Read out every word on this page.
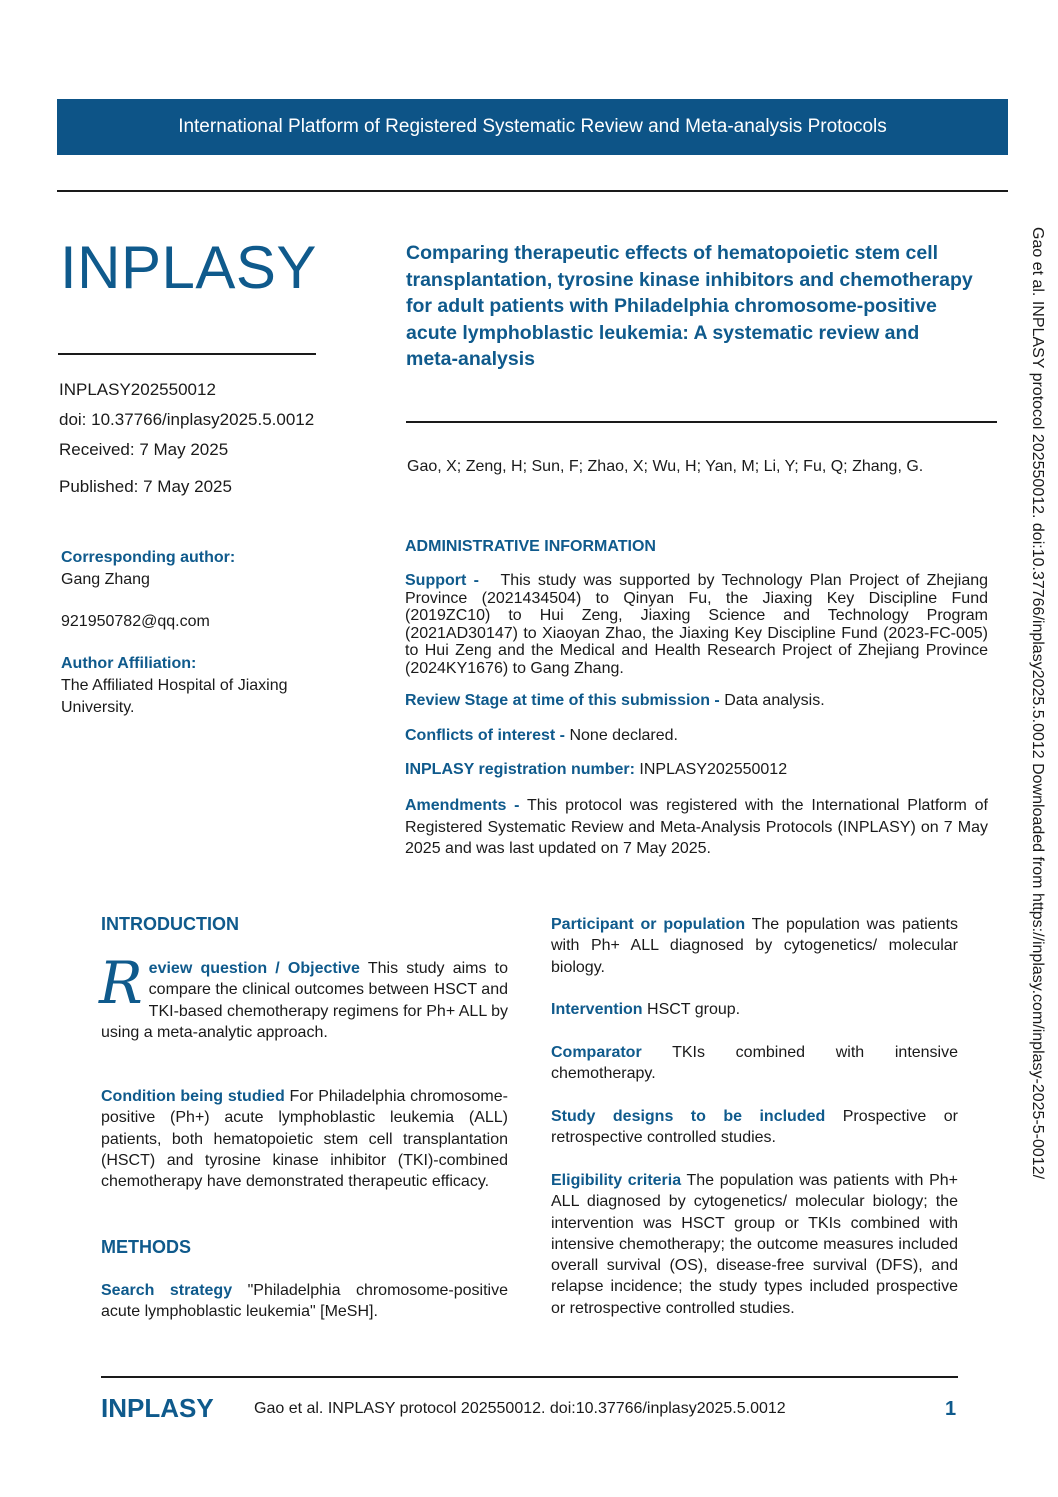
International Platform of Registered Systematic Review and Meta-analysis Protocols
INPLASY
INPLASY202550012
doi: 10.37766/inplasy2025.5.0012
Received: 7 May 2025
Published: 7 May 2025
Corresponding author:
Gang Zhang
921950782@qq.com
Author Affiliation:
The Affiliated Hospital of Jiaxing University.
Comparing therapeutic effects of hematopoietic stem cell transplantation, tyrosine kinase inhibitors and chemotherapy for adult patients with Philadelphia chromosome-positive acute lymphoblastic leukemia: A systematic review and meta-analysis
Gao, X; Zeng, H; Sun, F; Zhao, X; Wu, H; Yan, M; Li, Y; Fu, Q; Zhang, G.
ADMINISTRATIVE INFORMATION

Support - This study was supported by Technology Plan Project of Zhejiang Province (2021434504) to Qinyan Fu, the Jiaxing Key Discipline Fund (2019ZC10) to Hui Zeng, Jiaxing Science and Technology Program (2021AD30147) to Xiaoyan Zhao, the Jiaxing Key Discipline Fund (2023-FC-005) to Hui Zeng and the Medical and Health Research Project of Zhejiang Province (2024KY1676) to Gang Zhang.

Review Stage at time of this submission - Data analysis.

Conflicts of interest - None declared.

INPLASY registration number: INPLASY202550012

Amendments - This protocol was registered with the International Platform of Registered Systematic Review and Meta-Analysis Protocols (INPLASY) on 7 May 2025 and was last updated on 7 May 2025.

INTRODUCTION

Review question / Objective This study aims to compare the clinical outcomes between HSCT and TKI-based chemotherapy regimens for Ph+ ALL by using a meta-analytic approach.

Condition being studied For Philadelphia chromosome-positive (Ph+) acute lymphoblastic leukemia (ALL) patients, both hematopoietic stem cell transplantation (HSCT) and tyrosine kinase inhibitor (TKI)-combined chemotherapy have demonstrated therapeutic efficacy.

METHODS

Search strategy "Philadelphia chromosome-positive acute lymphoblastic leukemia" [MeSH].

Participant or population The population was patients with Ph+ ALL diagnosed by cytogenetics/ molecular biology.

Intervention HSCT group.

Comparator TKIs combined with intensive chemotherapy.

Study designs to be included Prospective or retrospective controlled studies.

Eligibility criteria The population was patients with Ph+ ALL diagnosed by cytogenetics/ molecular biology; the intervention was HSCT group or TKIs combined with intensive chemotherapy; the outcome measures included overall survival (OS), disease-free survival (DFS), and relapse incidence; the study types included prospective or retrospective controlled studies.

Gao et al. INPLASY protocol 202550012. doi:10.37766/inplasy2025.5.0012 Downloaded from https://inplasy.com/inplasy-2025-5-0012/
INPLASY	Gao et al. INPLASY protocol 202550012. doi:10.37766/inplasy2025.5.0012	1
